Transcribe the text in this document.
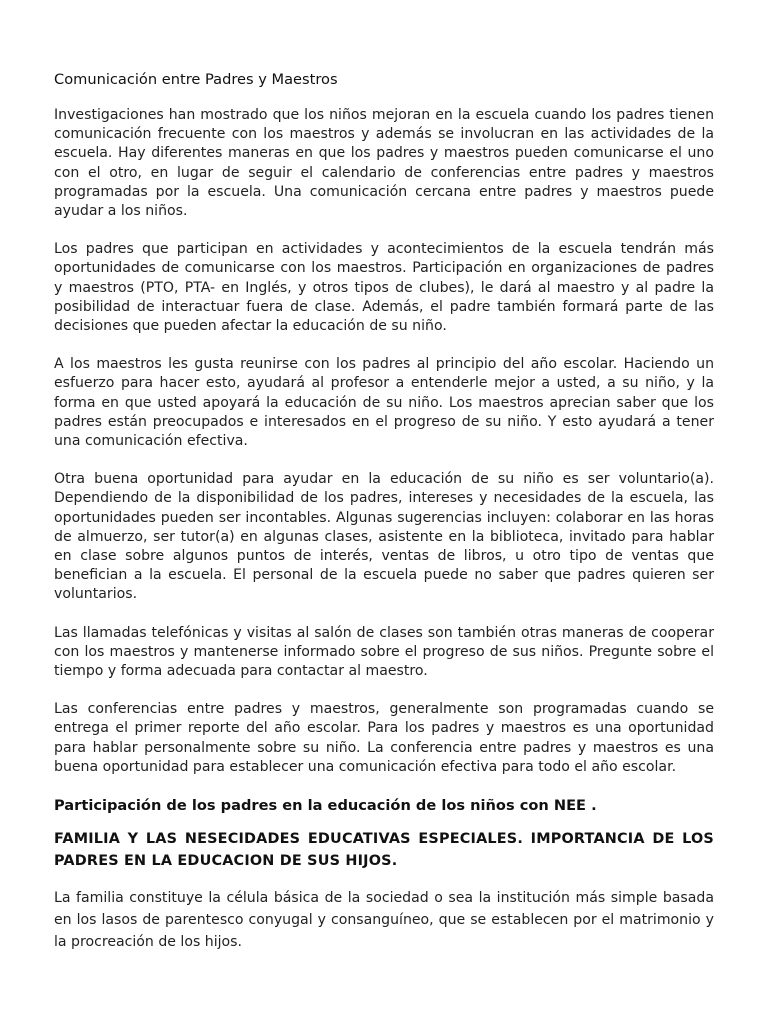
Comunicación entre Padres y Maestros

Investigaciones han mostrado que los niños mejoran en la escuela cuando los padres tienen comunicación frecuente con los maestros y además se involucran en las actividades de la escuela. Hay diferentes maneras en que los padres y maestros pueden comunicarse el uno con el otro, en lugar de seguir el calendario de conferencias entre padres y maestros programadas por la escuela. Una comunicación cercana entre padres y maestros puede ayudar a los niños.

Los padres que participan en actividades y acontecimientos de la escuela tendrán más oportunidades de comunicarse con los maestros. Participación en organizaciones de padres y maestros (PTO, PTA- en Inglés, y otros tipos de clubes), le dará al maestro y al padre la posibilidad de interactuar fuera de clase. Además, el padre también formará parte de las decisiones que pueden afectar la educación de su niño.

A los maestros les gusta reunirse con los padres al principio del año escolar. Haciendo un esfuerzo para hacer esto, ayudará al profesor a entenderle mejor a usted, a su niño, y la forma en que usted apoyará la educación de su niño. Los maestros aprecian saber que los padres están preocupados e interesados en el progreso de su niño. Y esto ayudará a tener una comunicación efectiva.

Otra buena oportunidad para ayudar en la educación de su niño es ser voluntario(a). Dependiendo de la disponibilidad de los padres, intereses y necesidades de la escuela, las oportunidades pueden ser incontables. Algunas sugerencias incluyen: colaborar en las horas de almuerzo, ser tutor(a) en algunas clases, asistente en la biblioteca, invitado para hablar en clase sobre algunos puntos de interés, ventas de libros, u otro tipo de ventas que benefician a la escuela. El personal de la escuela puede no saber que padres quieren ser voluntarios.

Las llamadas telefónicas y visitas al salón de clases son también otras maneras de cooperar con los maestros y mantenerse informado sobre el progreso de sus niños. Pregunte sobre el tiempo y forma adecuada para contactar al maestro.

Las conferencias entre padres y maestros, generalmente son programadas cuando se entrega el primer reporte del año escolar. Para los padres y maestros es una oportunidad para hablar personalmente sobre su niño. La conferencia entre padres y maestros es una buena oportunidad para establecer una comunicación efectiva para todo el año escolar.

Participación de los padres en la educación de los niños con NEE .
FAMILIA Y LAS NESECIDADES EDUCATIVAS ESPECIALES. IMPORTANCIA DE LOS PADRES EN LA EDUCACION DE SUS HIJOS.

La familia constituye la célula básica de la sociedad o sea la institución más simple basada en los lasos de parentesco conyugal y consanguíneo, que se establecen por el matrimonio y la procreación de los hijos.
